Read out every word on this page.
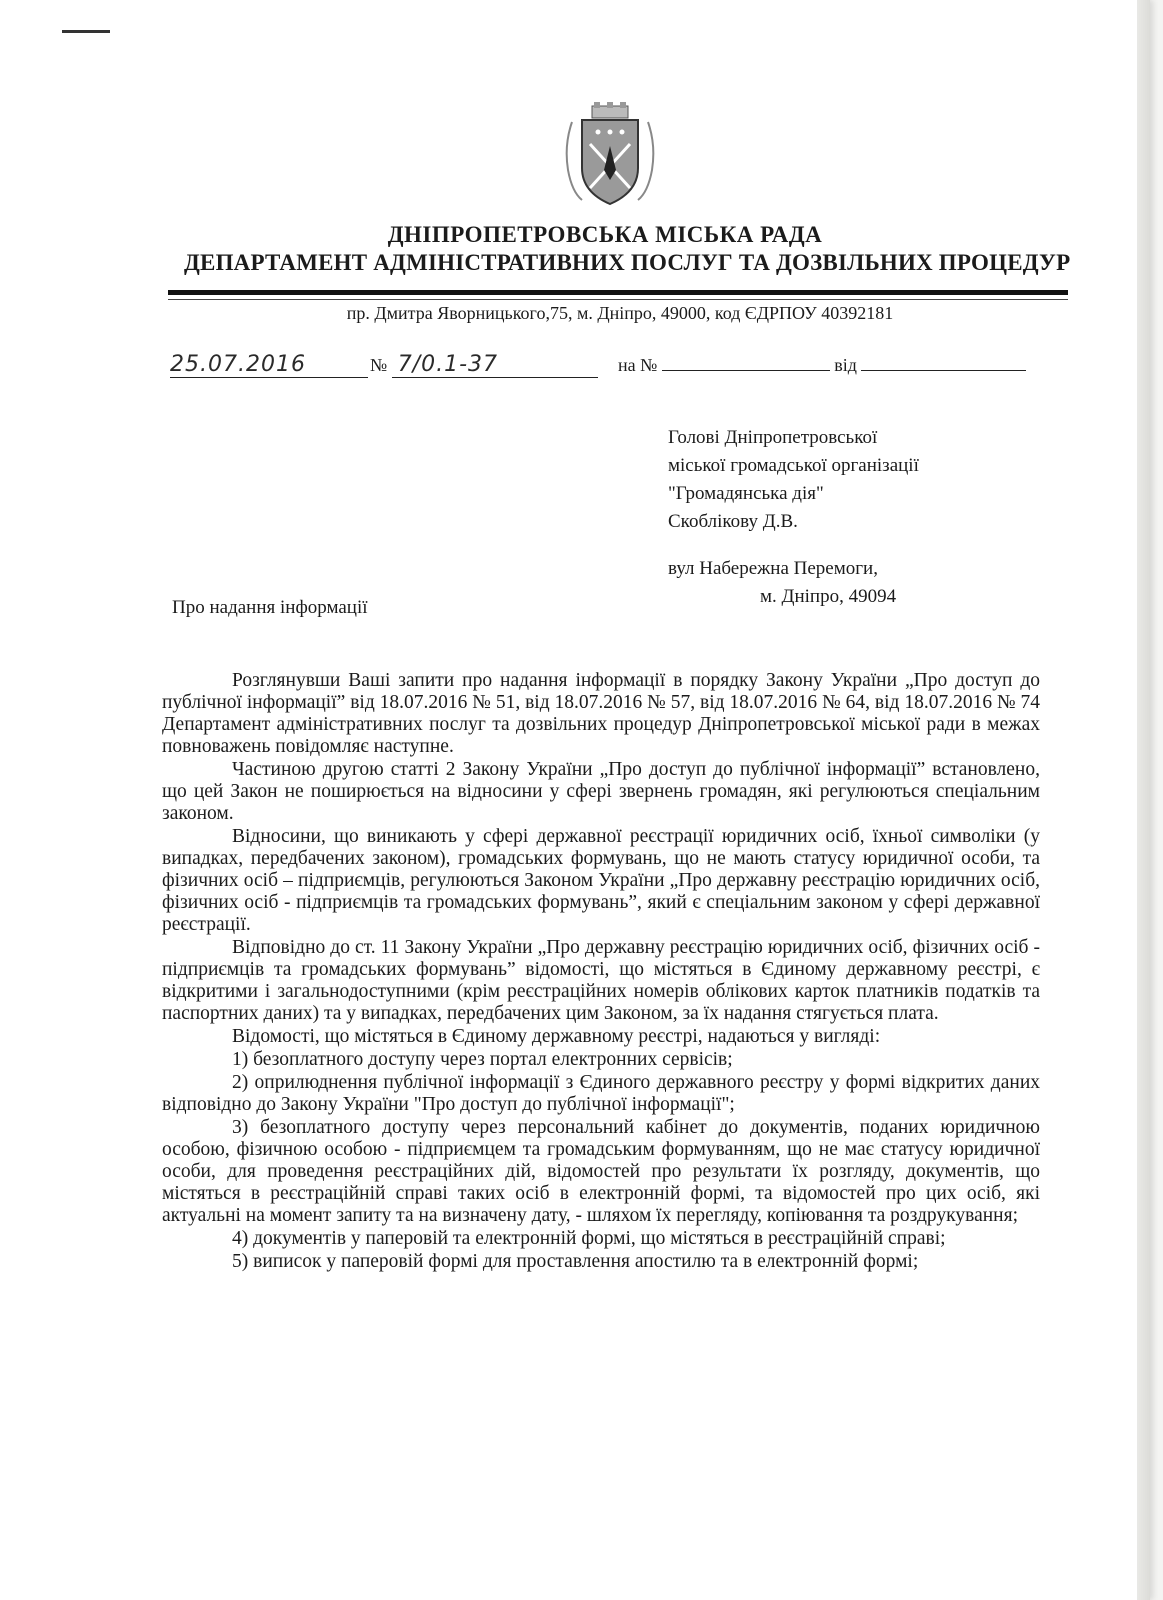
ДНІПРОПЕТРОВСЬКА МІСЬКА РАДА
ДЕПАРТАМЕНТ АДМІНІСТРАТИВНИХ ПОСЛУГ ТА ДОЗВІЛЬНИХ ПРОЦЕДУР
пр. Дмитра Яворницького,75, м. Дніпро, 49000, код ЄДРПОУ 40392181
25.07.2016	№ 7/0.1-37	на №	від
Голові Дніпропетровської
міської громадської організації
"Громадянська дія"
Скоблікову Д.В.
вул Набережна Перемоги,
м. Дніпро, 49094
Про надання інформації

Розглянувши Ваші запити про надання інформації в порядку Закону України „Про доступ до публічної інформації” від 18.07.2016 № 51, від 18.07.2016 № 57, від 18.07.2016 № 64, від 18.07.2016 № 74 Департамент адміністративних послуг та дозвільних процедур Дніпропетровської міської ради в межах повноважень повідомляє наступне.

Частиною другою статті 2 Закону України „Про доступ до публічної інформації” встановлено, що цей Закон не поширюється на відносини у сфері звернень громадян, які регулюються спеціальним законом.

Відносини, що виникають у сфері державної реєстрації юридичних осіб, їхньої символіки (у випадках, передбачених законом), громадських формувань, що не мають статусу юридичної особи, та фізичних осіб – підприємців, регулюються Законом України „Про державну реєстрацію юридичних осіб, фізичних осіб - підприємців та громадських формувань”, який є спеціальним законом у сфері державної реєстрації.

Відповідно до ст. 11 Закону України „Про державну реєстрацію юридичних осіб, фізичних осіб - підприємців та громадських формувань” відомості, що містяться в Єдиному державному реєстрі, є відкритими і загальнодоступними (крім реєстраційних номерів облікових карток платників податків та паспортних даних) та у випадках, передбачених цим Законом, за їх надання стягується плата.

Відомості, що містяться в Єдиному державному реєстрі, надаються у вигляді:

1) безоплатного доступу через портал електронних сервісів;

2) оприлюднення публічної інформації з Єдиного державного реєстру у формі відкритих даних відповідно до Закону України "Про доступ до публічної інформації";

3) безоплатного доступу через персональний кабінет до документів, поданих юридичною особою, фізичною особою - підприємцем та громадським формуванням, що не має статусу юридичної особи, для проведення реєстраційних дій, відомостей про результати їх розгляду, документів, що містяться в реєстраційній справі таких осіб в електронній формі, та відомостей про цих осіб, які актуальні на момент запиту та на визначену дату, - шляхом їх перегляду, копіювання та роздрукування;

4) документів у паперовій та електронній формі, що містяться в реєстраційній справі;

5) виписок у паперовій формі для проставлення апостилю та в електронній формі;
